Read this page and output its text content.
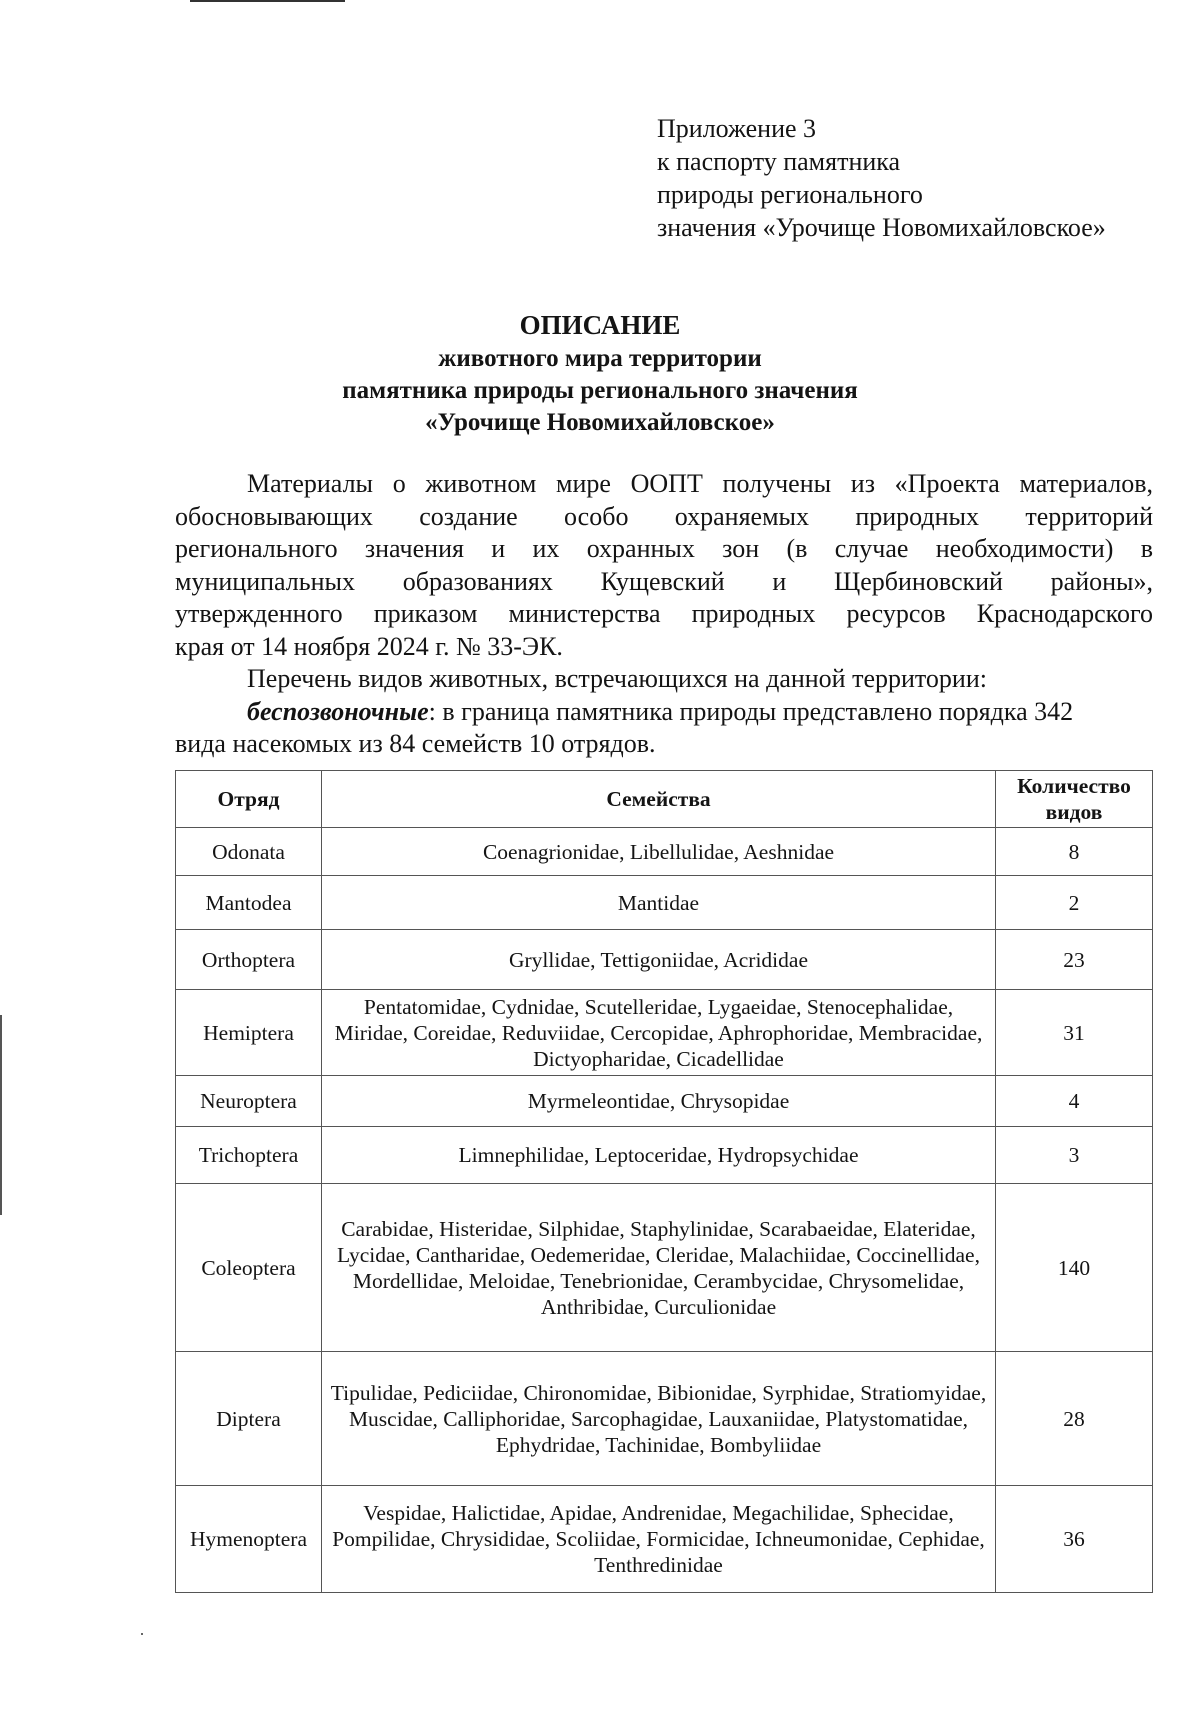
Приложение 3
к паспорту памятника
природы регионального
значения «Урочище Новомихайловское»
ОПИСАНИЕ
животного мира территории
памятника природы регионального значения
«Урочище Новомихайловское»
Материалы о животном мире ООПТ получены из «Проекта материалов,
обосновывающих создание особо охраняемых природных территорий
регионального значения и их охранных зон (в случае необходимости) в
муниципальных образованиях Кущевский и Щербиновский районы»,
утвержденного приказом министерства природных ресурсов Краснодарского
края от 14 ноября 2024 г. № 33-ЭК.

Перечень видов животных, встречающихся на данной территории:

беспозвоночные: в граница памятника природы представлено порядка 342

вида насекомых из 84 семейств 10 отрядов.

Отряд	Семейства	Количество видов
Odonata	Coenagrionidae, Libellulidae, Aeshnidae	8
Mantodea	Mantidae	2
Orthoptera	Gryllidae, Tettigoniidae, Acrididae	23
Hemiptera	Pentatomidae, Cydnidae, Scutelleridae, Lygaeidae, Stenocephalidae, Miridae, Coreidae, Reduviidae, Cercopidae, Aphrophoridae, Membracidae, Dictyopharidae, Cicadellidae	31
Neuroptera	Myrmeleontidae, Chrysopidae	4
Trichoptera	Limnephilidae, Leptoceridae, Hydropsychidae	3
Coleoptera	Carabidae, Histeridae, Silphidae, Staphylinidae, Scarabaeidae, Elateridae, Lycidae, Cantharidae, Oedemeridae, Cleridae, Malachiidae, Coccinellidae, Mordellidae, Meloidae, Tenebrionidae, Cerambycidae, Chrysomelidae, Anthribidae, Curculionidae	140
Diptera	Tipulidae, Pediciidae, Chironomidae, Bibionidae, Syrphidae, Stratiomyidae, Muscidae, Calliphoridae, Sarcophagidae, Lauxaniidae, Platystomatidae, Ephydridae, Tachinidae, Bombyliidae	28
Hymenoptera	Vespidae, Halictidae, Apidae, Andrenidae, Megachilidae, Sphecidae, Pompilidae, Chrysididae, Scoliidae, Formicidae, Ichneumonidae, Cephidae, Tenthredinidae	36
